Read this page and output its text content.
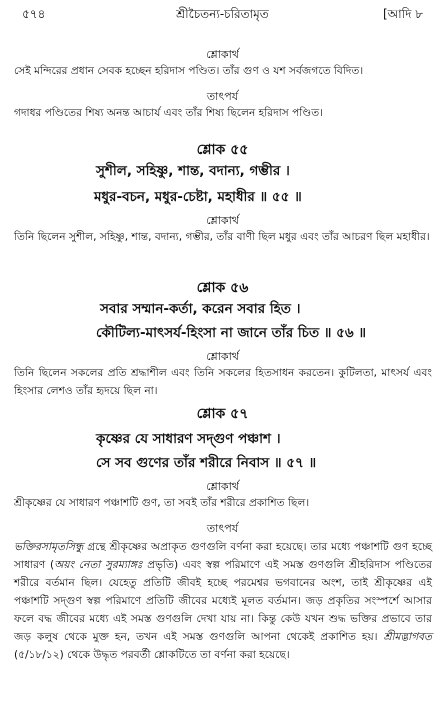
৫৭৪	শ্রীচৈতন্য-চরিতামৃত	[আদি ৮
শ্লোকার্থ
সেই মন্দিরের প্রধান সেবক হচ্ছেন হরিদাস পণ্ডিত। তাঁর গুণ ও যশ সর্বজগতে বিদিত।
তাৎপর্য
গদাধর পণ্ডিতের শিষ্য অনন্ত আচার্য এবং তাঁর শিষ্য ছিলেন হরিদাস পণ্ডিত।
শ্লোক ৫৫
সুশীল, সহিষ্ণু, শান্ত, বদান্য, গম্ভীর ।
মধুর-বচন, মধুর-চেষ্টা, মহাধীর ॥ ৫৫ ॥
শ্লোকার্থ
তিনি ছিলেন সুশীল, সহিষ্ণু, শান্ত, বদান্য, গম্ভীর, তাঁর বাণী ছিল মধুর এবং তাঁর আচরণ ছিল মহাধীর।
শ্লোক ৫৬
সবার সম্মান-কর্তা, করেন সবার হিত ।
কৌটিল্য-মাৎসর্য-হিংসা না জানে তাঁর চিত ॥ ৫৬ ॥
শ্লোকার্থ
তিনি ছিলেন সকলের প্রতি শ্রদ্ধাশীল এবং তিনি সকলের হিতসাধন করতেন। কুটিলতা, মাৎসর্য এবং হিংসার লেশও তাঁর হৃদয়ে ছিল না।
শ্লোক ৫৭
কৃষ্ণের যে সাধারণ সদ্‌গুণ পঞ্চাশ ।
সে সব গুণের তাঁর শরীরে নিবাস ॥ ৫৭ ॥
শ্লোকার্থ
শ্রীকৃষ্ণের যে সাধারণ পঞ্চাশটি গুণ, তা সবই তাঁর শরীরে প্রকাশিত ছিল।
তাৎপর্য
ভক্তিরসামৃতসিন্ধু গ্রন্থে শ্রীকৃষ্ণের অপ্রাকৃত গুণগুলি বর্ণনা করা হয়েছে। তার মধ্যে পঞ্চাশটি গুণ হচ্ছে সাধারণ (অয়ং নেতা সুরম্যাঙ্গঃ প্রভৃতি) এবং স্বল্প পরিমাণে এই সমস্ত গুণগুলি শ্রীহরিদাস পণ্ডিতের শরীরে বর্তমান ছিল। যেহেতু প্রতিটি জীবই হচ্ছে পরমেশ্বর ভগবানের অংশ, তাই শ্রীকৃষ্ণের এই পঞ্চাশটি সদ্‌গুণ স্বল্প পরিমাণে প্রতিটি জীবের মধ্যেই মূলত বর্তমান। জড় প্রকৃতির সংস্পর্শে আসার ফলে বদ্ধ জীবের মধ্যে এই সমস্ত গুণগুলি দেখা যায় না। কিন্তু কেউ যখন শুদ্ধ ভক্তির প্রভাবে তার জড় কলুষ থেকে মুক্ত হন, তখন এই সমস্ত গুণগুলি আপনা থেকেই প্রকাশিত হয়। শ্রীমদ্ভাগবত (৫/১৮/১২) থেকে উদ্ধৃত পরবর্তী শ্লোকটিতে তা বর্ণনা করা হয়েছে।
